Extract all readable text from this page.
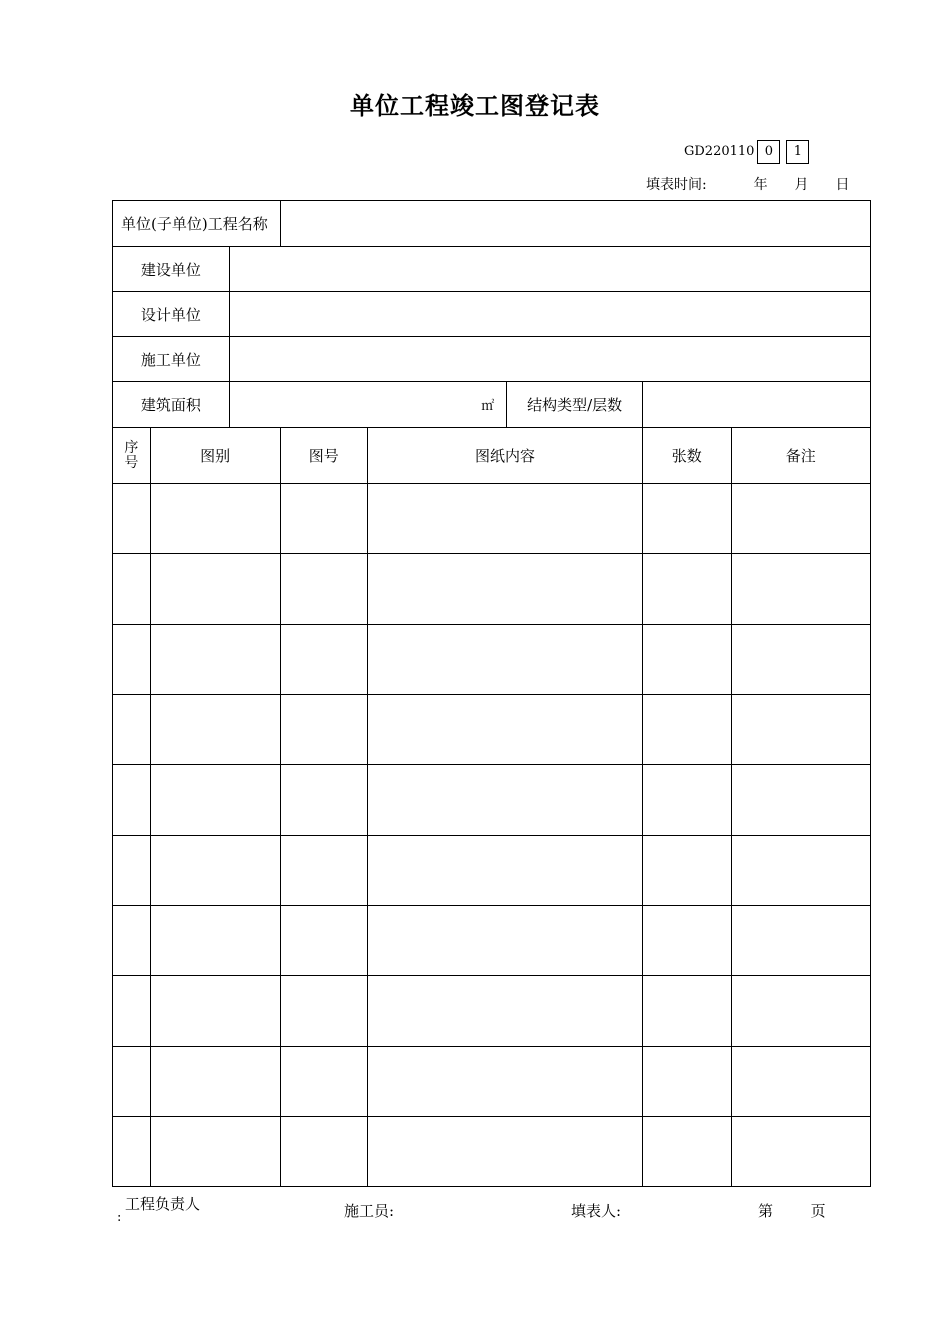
单位工程竣工图登记表
GD220110 0	1
填表时间:	年 月 日
单位(子单位)工程名称							
建设单位							
设计单位							
施工单位							
建筑面积		㎡			结构类型/层数		

序
号	图别		图号	图纸内容		张数	备注

工程负责人
:	施工员:	填表人:	第	页
